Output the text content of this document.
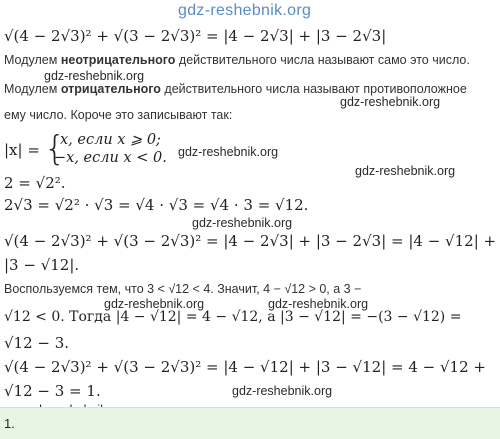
gdz-reshebnik.org
√(4 − 2√3)² + √(3 − 2√3)² = |4 − 2√3| + |3 − 2√3|
Модулем неотрицательного действительного числа называют само это число.
gdz-reshebnik.org
Модулем отрицательного действительного числа называют противоположное
gdz-reshebnik.org
ему число. Короче это записывают так:
|x| = {
x, если x ⩾ 0;
−x, если x < 0. gdz-reshebnik.org
gdz-reshebnik.org
2 = √2².
2√3 = √2² · √3 = √4 · √3 = √4 · 3 = √12.
gdz-reshebnik.org
√(4 − 2√3)² + √(3 − 2√3)² = |4 − 2√3| + |3 − 2√3| = |4 − √12| +
|3 − √12|.
Воспользуемся тем, что 3 < √12 < 4. Значит, 4 − √12 > 0, а 3 −
gdz-reshebnik.org	gdz-reshebnik.org
√12 < 0. Тогда |4 − √12| = 4 − √12, а |3 − √12| = −(3 − √12) =
√12 − 3.
√(4 − 2√3)² + √(3 − 2√3)² = |4 − √12| + |3 − √12| = 4 − √12 +
√12 − 3 = 1.	gdz-reshebnik.org
1.
